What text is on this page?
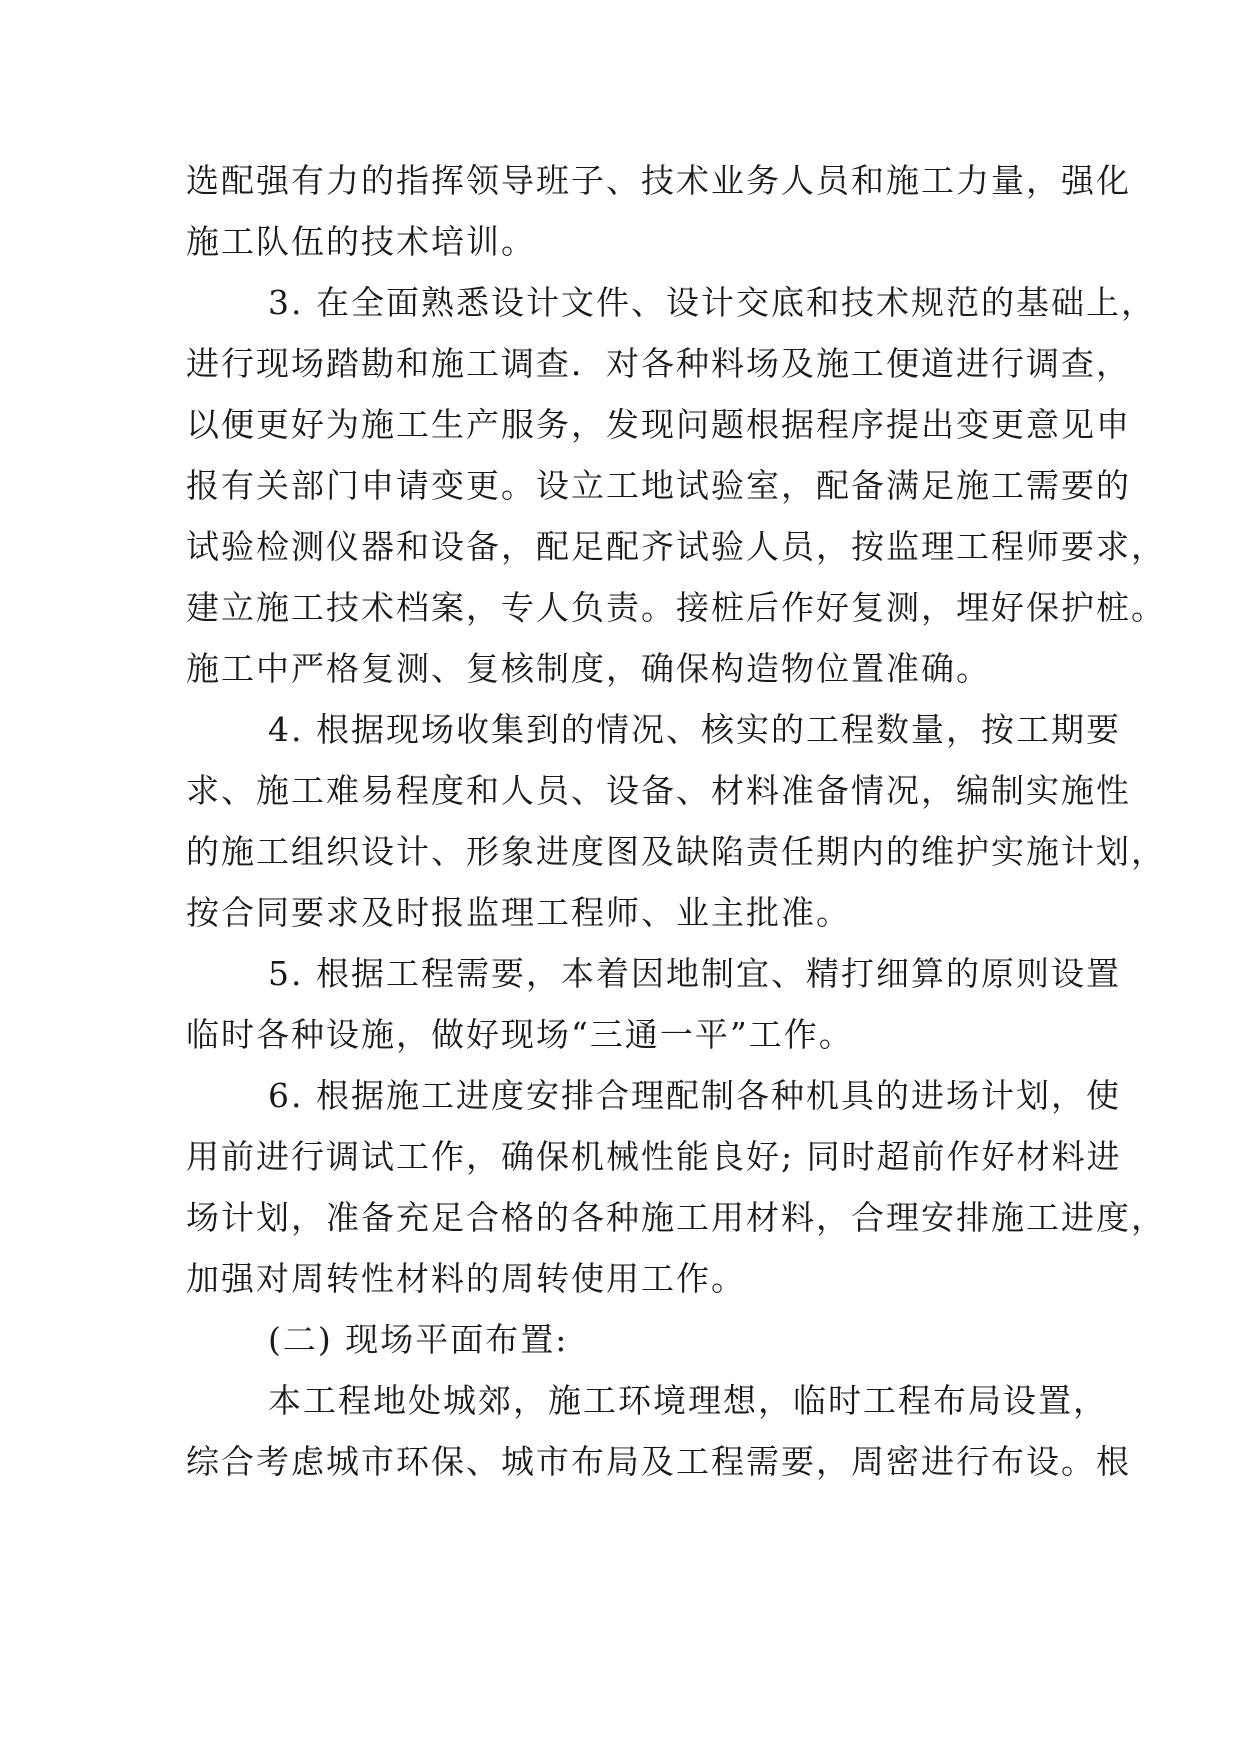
选配强有力的指挥领导班子、技术业务人员和施工力量，强化
施工队伍的技术培训。
3. 在全面熟悉设计文件、设计交底和技术规范的基础上，
进行现场踏勘和施工调查．对各种料场及施工便道进行调查，
以便更好为施工生产服务，发现问题根据程序提出变更意见申
报有关部门申请变更。设立工地试验室，配备满足施工需要的
试验检测仪器和设备，配足配齐试验人员，按监理工程师要求，
建立施工技术档案，专人负责。接桩后作好复测，埋好保护桩。
施工中严格复测、复核制度，确保构造物位置准确。
4. 根据现场收集到的情况、核实的工程数量，按工期要
求、施工难易程度和人员、设备、材料准备情况，编制实施性
的施工组织设计、形象进度图及缺陷责任期内的维护实施计划，
按合同要求及时报监理工程师、业主批准。
5. 根据工程需要，本着因地制宜、精打细算的原则设置
临时各种设施，做好现场“三通一平”工作。
6. 根据施工进度安排合理配制各种机具的进场计划，使
用前进行调试工作，确保机械性能良好; 同时超前作好材料进
场计划，准备充足合格的各种施工用材料，合理安排施工进度，
加强对周转性材料的周转使用工作。
(二) 现场平面布置:
本工程地处城郊，施工环境理想，临时工程布局设置，
综合考虑城市环保、城市布局及工程需要，周密进行布设。根
